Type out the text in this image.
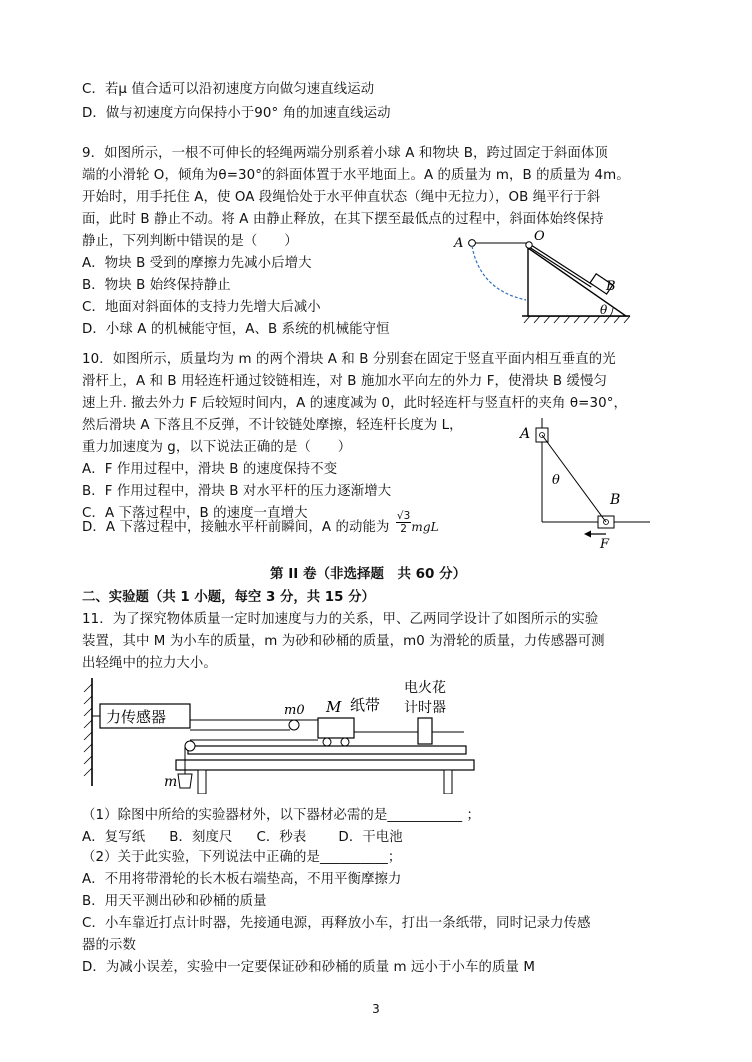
C．若μ 值合适可以沿初速度方向做匀速直线运动
D．做与初速度方向保持小于90° 角的加速直线运动
9．如图所示，一根不可伸长的轻绳两端分别系着小球 A 和物块 B，跨过固定于斜面体顶
端的小滑轮 O，倾角为θ=30°的斜面体置于水平地面上。A 的质量为 m，B 的质量为 4m。
开始时，用手托住 A，使 OA 段绳恰处于水平伸直状态（绳中无拉力），OB 绳平行于斜
面，此时 B 静止不动。将 A 由静止释放，在其下摆至最低点的过程中，斜面体始终保持
静止，下列判断中错误的是（　　）
A．物块 B 受到的摩擦力先减小后增大
B．物块 B 始终保持静止
C．地面对斜面体的支持力先增大后减小
D．小球 A 的机械能守恒，A、B 系统的机械能守恒
A	O
B
θ
10．如图所示，质量均为 m 的两个滑块 A 和 B 分别套在固定于竖直平面内相互垂直的光
滑杆上，A 和 B 用轻连杆通过铰链相连，对 B 施加水平向左的外力 F，使滑块 B 缓慢匀
速上升. 撤去外力 F 后较短时间内，A 的速度减为 0，此时轻连杆与竖直杆的夹角 θ=30°，
然后滑块 A 下落且不反弹，不计铰链处摩擦，轻连杆长度为 L，
重力加速度为 g，以下说法正确的是（　　）
A．F 作用过程中，滑块 B 的速度保持不变
B．F 作用过程中，滑块 B 对水平杆的压力逐渐增大
C．A 下落过程中，B 的速度一直增大
D．A 下落过程中，接触水平杆前瞬间，A 的动能为 $\frac{√3}{2}$ mgL
A
θ
B
F
第 II 卷（非选择题　共 60 分）
二、实验题（共 1 小题，每空 3 分，共 15 分）
11．为了探究物体质量一定时加速度与力的关系，甲、乙两同学设计了如图所示的实验
装置，其中 M 为小车的质量，m 为砂和砂桶的质量，m0 为滑轮的质量，力传感器可测
出轻绳中的拉力大小。
力传感器	m0 M 纸带
电火花
计时器
m
（1）除图中所给的实验器材外，以下器材必需的是___________ ；
A．复写纸 B．刻度尺 C．秒表 D．干电池
（2）关于此实验，下列说法中正确的是__________；
A．不用将带滑轮的长木板右端垫高，不用平衡摩擦力
B．用天平测出砂和砂桶的质量
C．小车靠近打点计时器，先接通电源，再释放小车，打出一条纸带，同时记录力传感
器的示数
D．为减小误差，实验中一定要保证砂和砂桶的质量 m 远小于小车的质量 M
3
